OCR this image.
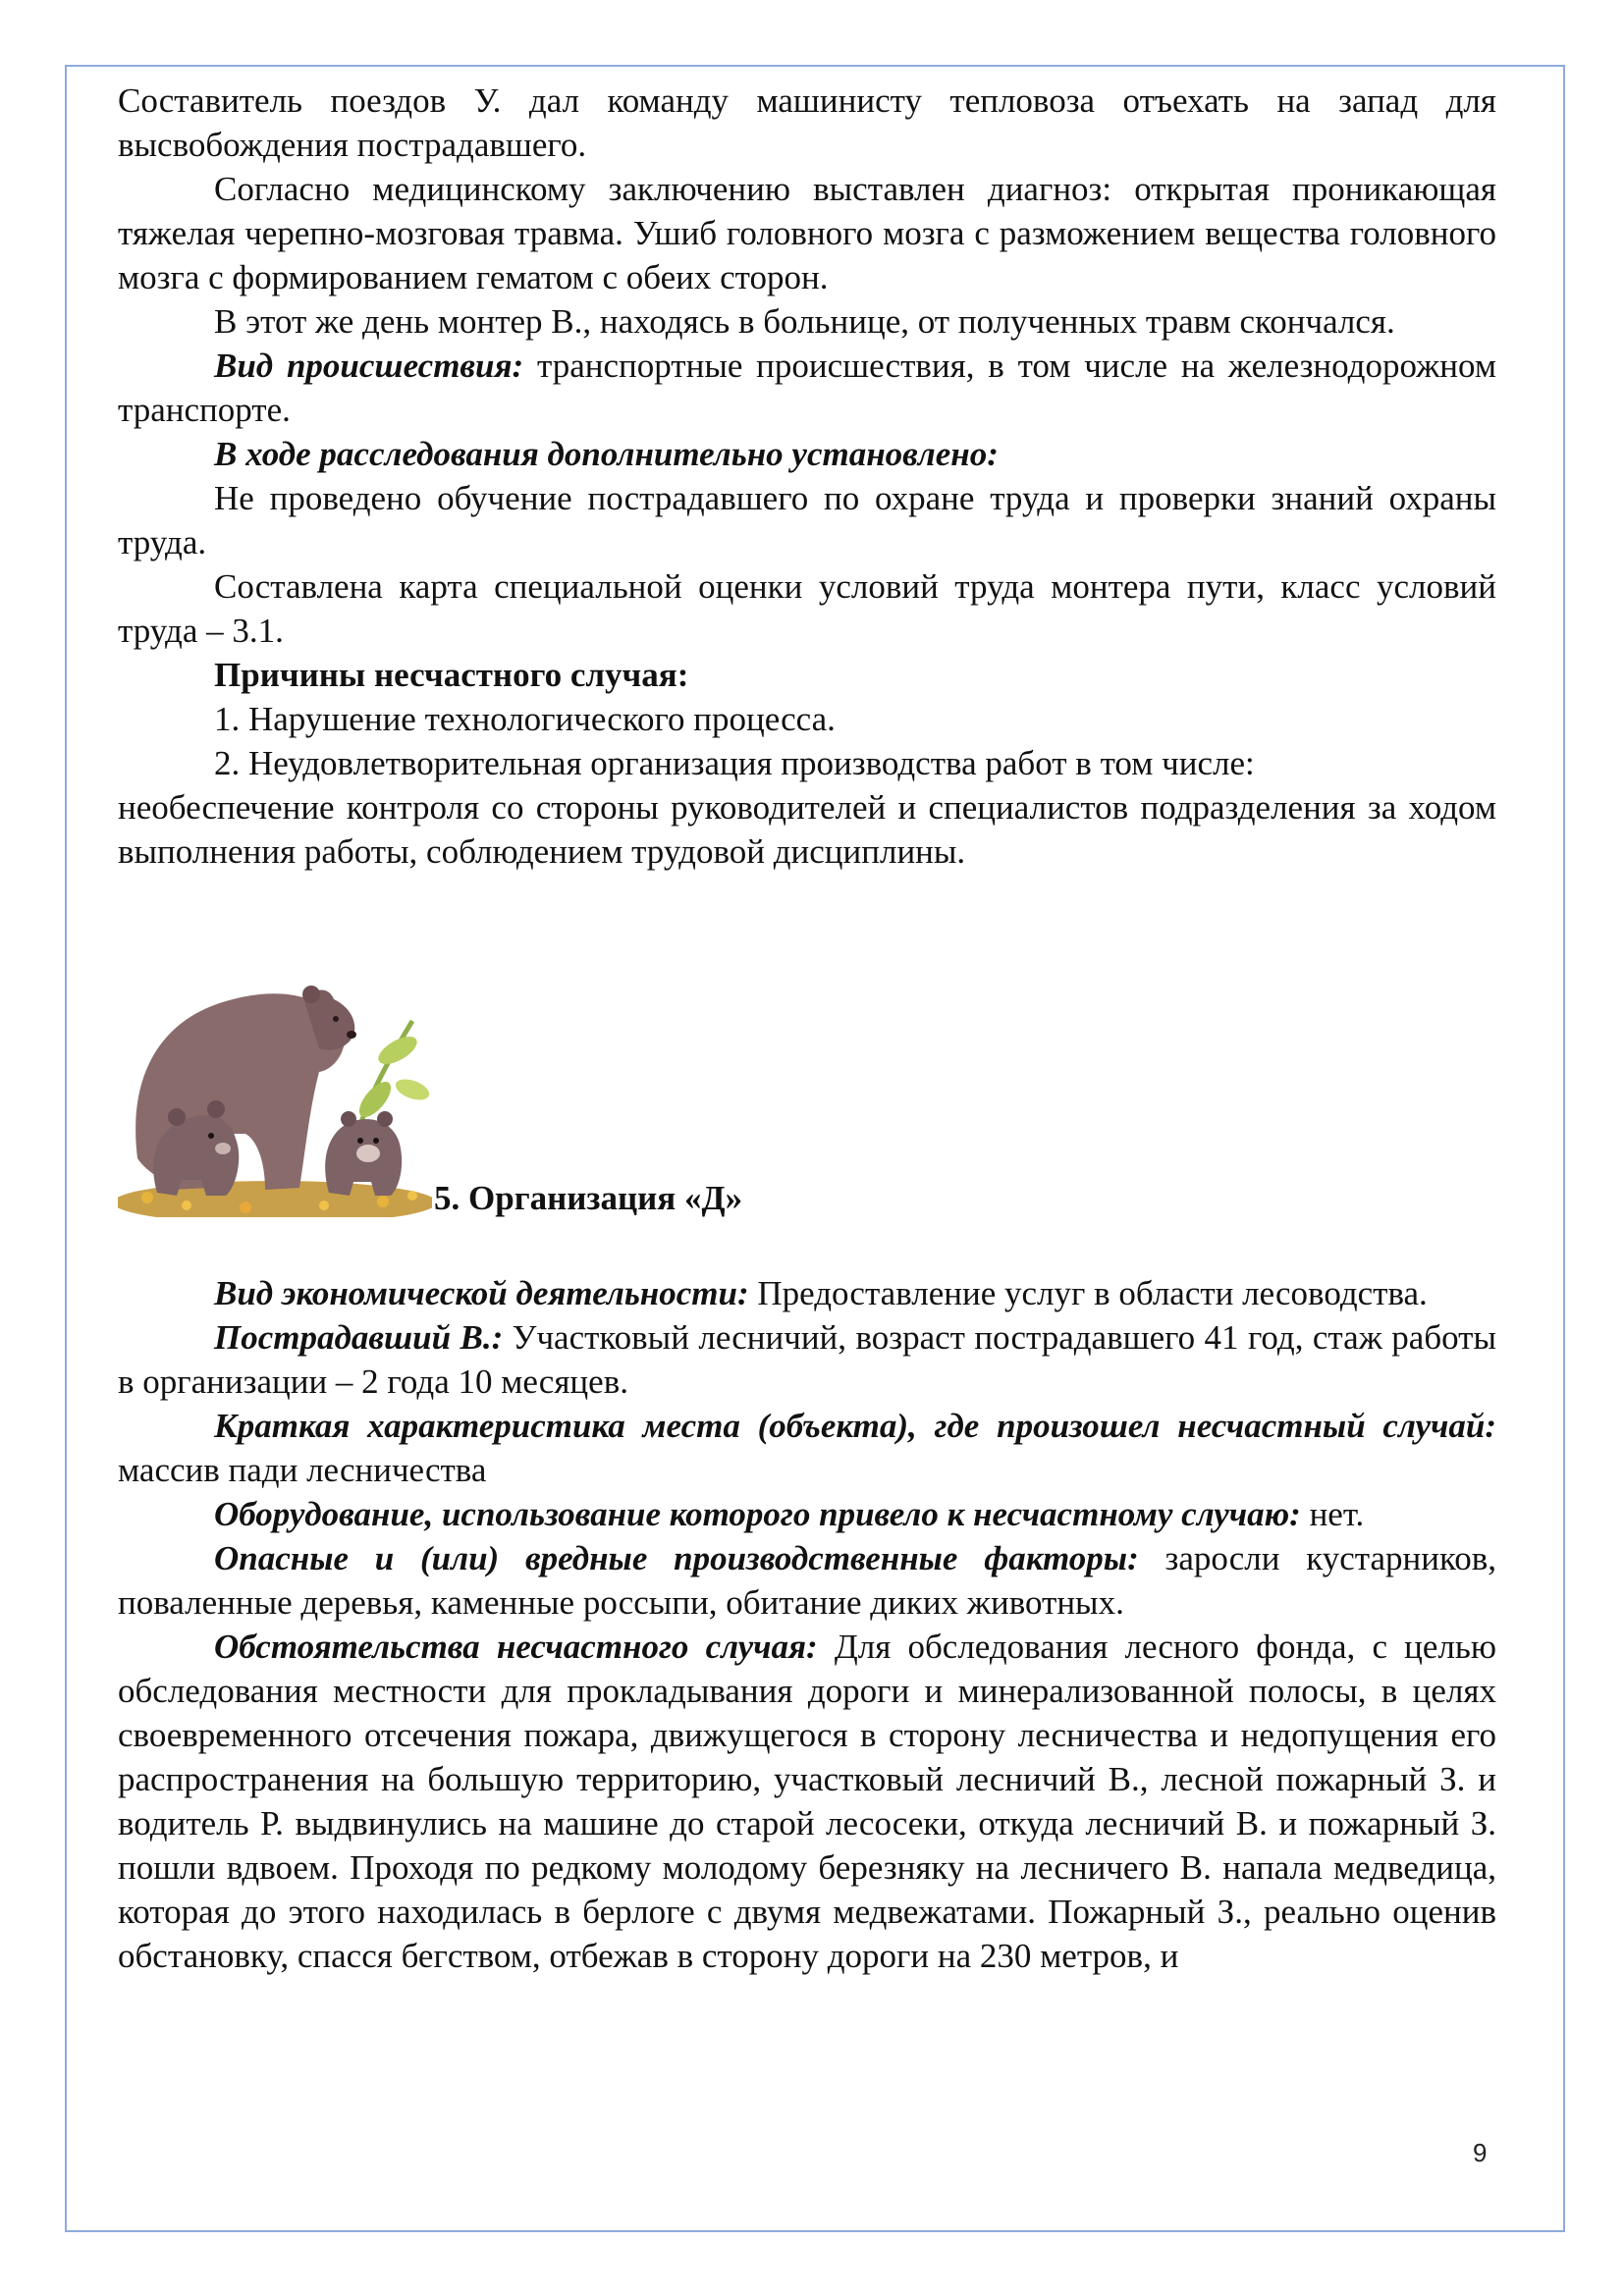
Составитель поездов У. дал команду машинисту тепловоза отъехать на запад для высвобождения пострадавшего.

Согласно медицинскому заключению выставлен диагноз: открытая проникающая тяжелая черепно-мозговая травма. Ушиб головного мозга с разможением вещества головного мозга с формированием гематом с обеих сторон.

В этот же день монтер В., находясь в больнице, от полученных травм скончался.

Вид происшествия: транспортные происшествия, в том числе на железнодорожном транспорте.

В ходе расследования дополнительно установлено:

Не проведено обучение пострадавшего по охране труда и проверки знаний охраны труда.

Составлена карта специальной оценки условий труда монтера пути, класс условий труда – 3.1.

Причины несчастного случая:

1. Нарушение технологического процесса.

2. Неудовлетворительная организация производства работ в том числе:

необеспечение контроля со стороны руководителей и специалистов подразделения за ходом выполнения работы, соблюдением трудовой дисциплины.

5. Организация «Д»

Вид экономической деятельности: Предоставление услуг в области лесоводства.

Пострадавший В.: Участковый лесничий, возраст пострадавшего 41 год, стаж работы в организации – 2 года 10 месяцев.

Краткая характеристика места (объекта), где произошел несчастный случай: массив пади лесничества

Оборудование, использование которого привело к несчастному случаю: нет.

Опасные и (или) вредные производственные факторы: заросли кустарников, поваленные деревья, каменные россыпи, обитание диких животных.

Обстоятельства несчастного случая: Для обследования лесного фонда, с целью обследования местности для прокладывания дороги и минерализованной полосы, в целях своевременного отсечения пожара, движущегося в сторону лесничества и недопущения его распространения на большую территорию, участковый лесничий В., лесной пожарный З. и водитель Р. выдвинулись на машине до старой лесосеки, откуда лесничий В. и пожарный З. пошли вдвоем. Проходя по редкому молодому березняку на лесничего В. напала медведица, которая до этого находилась в берлоге с двумя медвежатами. Пожарный З., реально оценив обстановку, спасся бегством, отбежав в сторону дороги на 230 метров, и

9
